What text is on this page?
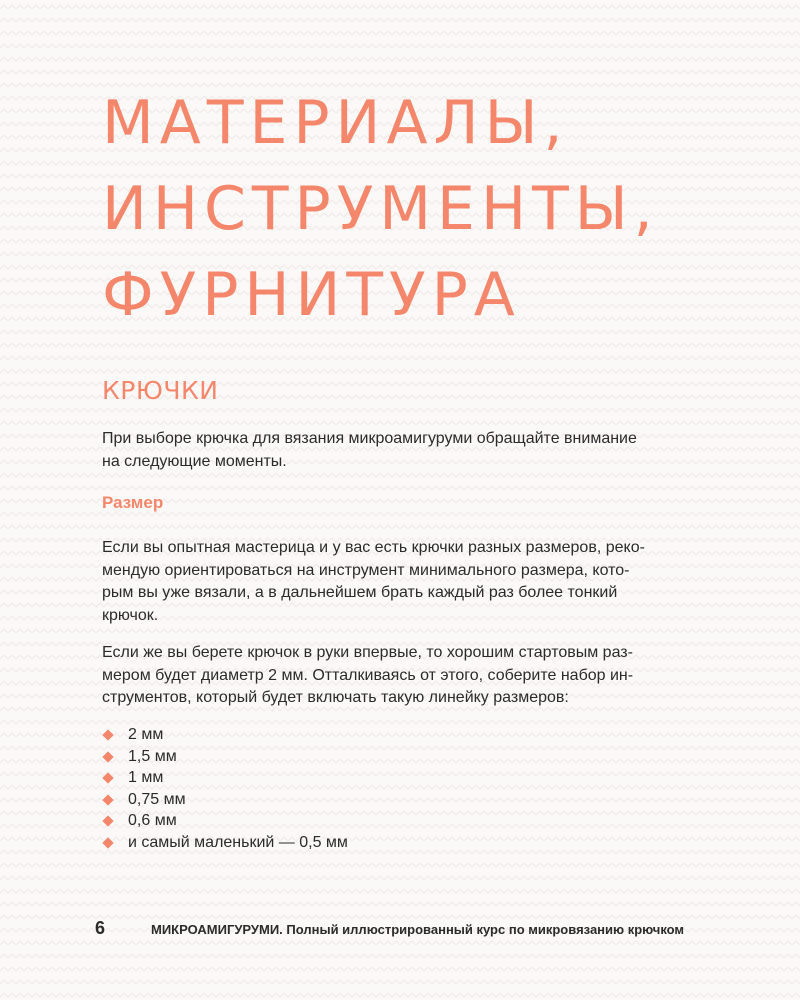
МАТЕРИАЛЫ,
ИНСТРУМЕНТЫ,
ФУРНИТУРА
КРЮЧКИ

При выборе крючка для вязания микроамигуруми обращайте внимание
на следующие моменты.

Размер

Если вы опытная мастерица и у вас есть крючки разных размеров, реко-
мендую ориентироваться на инструмент минимального размера, кото-
рым вы уже вязали, а в дальнейшем брать каждый раз более тонкий
крючок.

Если же вы берете крючок в руки впервые, то хорошим стартовым раз-
мером будет диаметр 2 мм. Отталкиваясь от этого, соберите набор ин-
струментов, который будет включать такую линейку размеров:

2 мм
1,5 мм
1 мм
0,75 мм
0,6 мм
и самый маленький — 0,5 мм
6	МИКРОАМИГУРУМИ. Полный иллюстрированный курс по микровязанию крючком
